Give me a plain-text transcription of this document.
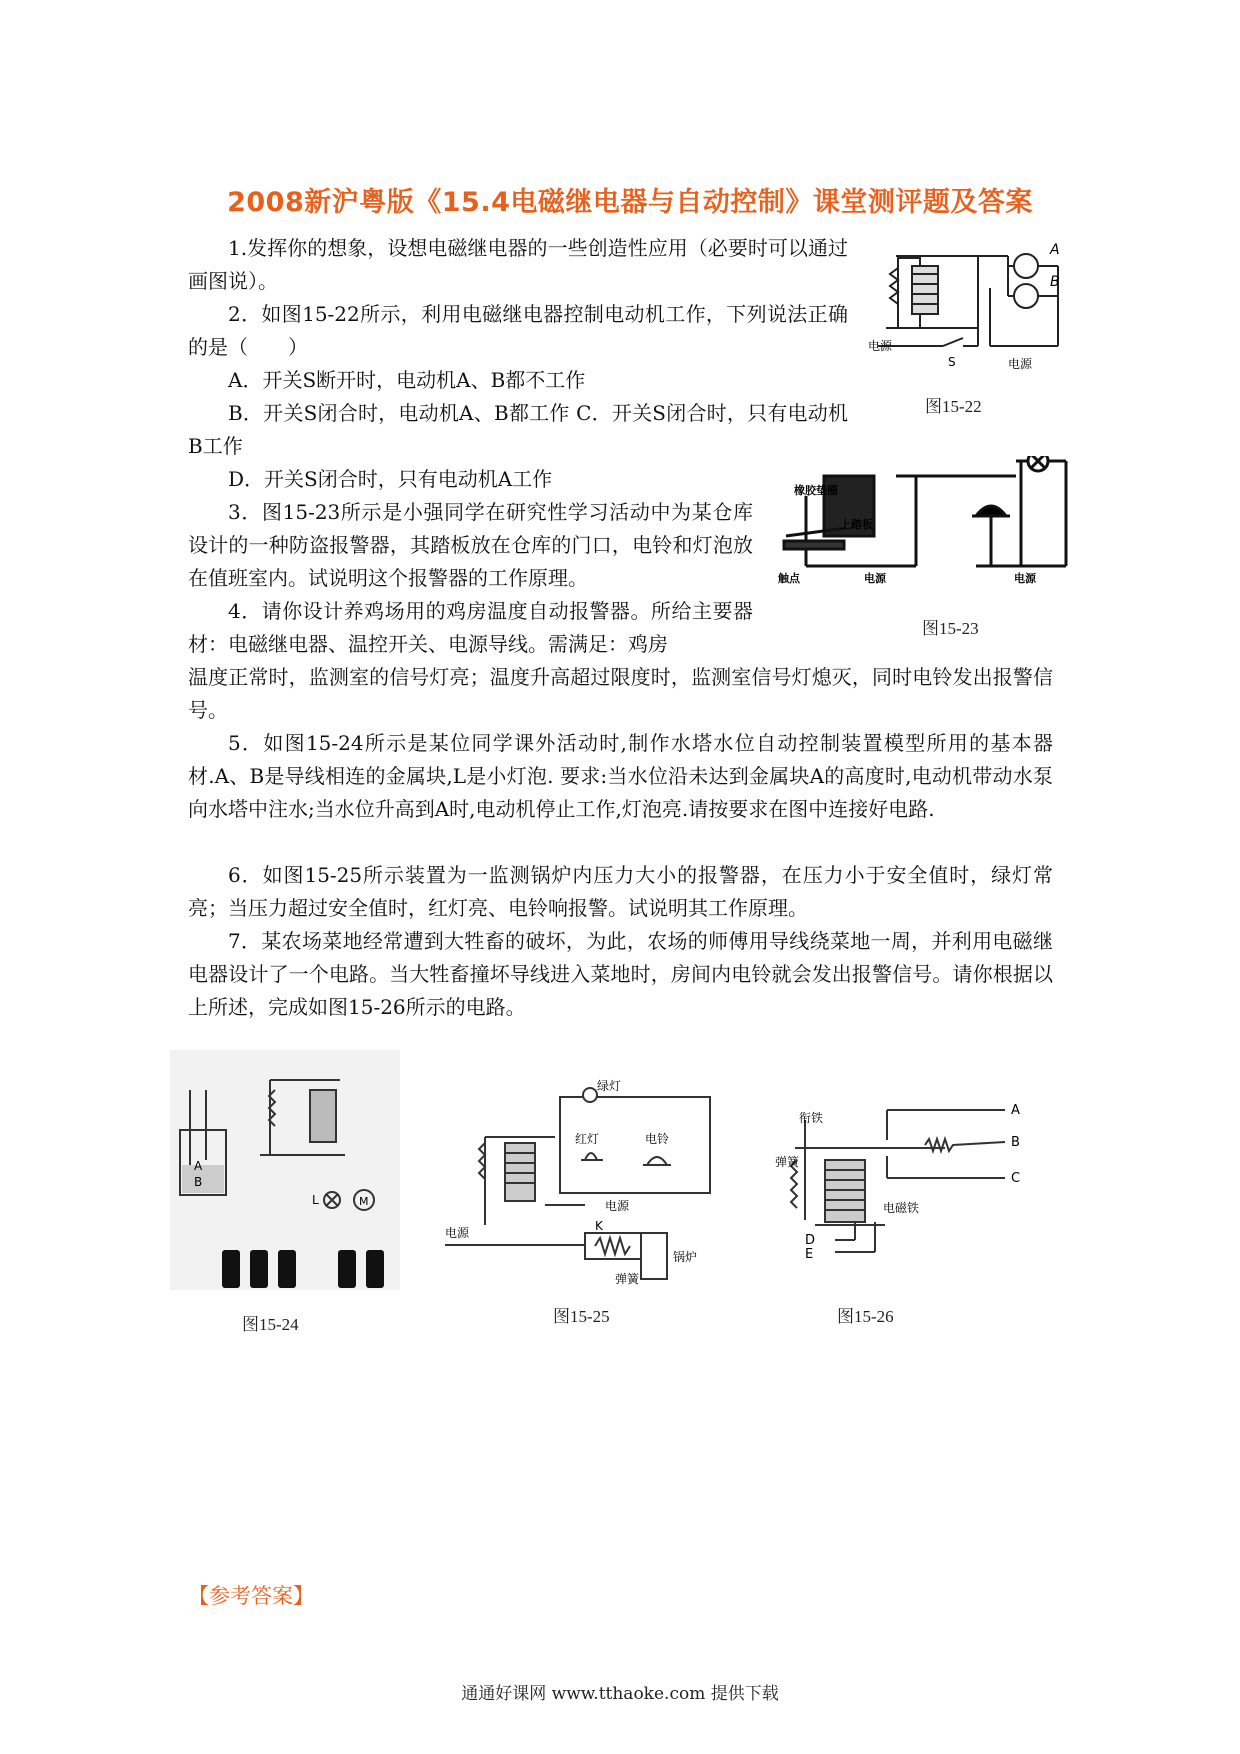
2008新沪粤版《15.4电磁继电器与自动控制》课堂测评题及答案
1.发挥你的想象，设想电磁继电器的一些创造性应用（必要时可以通过画图说）。
2．如图15-22所示，利用电磁继电器控制电动机工作，下列说法正确的是（　　）
A．开关S断开时，电动机A、B都不工作
B．开关S闭合时，电动机A、B都工作 C．开关S闭合时，只有电动机B工作
D．开关S闭合时，只有电动机A工作
3．图15-23所示是小强同学在研究性学习活动中为某仓库设计的一种防盗报警器，其踏板放在仓库的门口，电铃和灯泡放在值班室内。试说明这个报警器的工作原理。
4．请你设计养鸡场用的鸡房温度自动报警器。所给主要器材：电磁继电器、温控开关、电源导线。需满足：鸡房
温度正常时，监测室的信号灯亮；温度升高超过限度时，监测室信号灯熄灭，同时电铃发出报警信号。
5．如图15-24所示是某位同学课外活动时,制作水塔水位自动控制装置模型所用的基本器材.A、B是导线相连的金属块,L是小灯泡. 要求:当水位沿未达到金属块A的高度时,电动机带动水泵向水塔中注水;当水位升高到A时,电动机停止工作,灯泡亮.请按要求在图中连接好电路.
6．如图15-25所示装置为一监测锅炉内压力大小的报警器，在压力小于安全值时，绿灯常亮；当压力超过安全值时，红灯亮、电铃响报警。试说明其工作原理。
7．某农场菜地经常遭到大牲畜的破坏，为此，农场的师傅用导线绕菜地一周，并利用电磁继电器设计了一个电路。当大牲畜撞坏导线进入菜地时，房间内电铃就会发出报警信号。请你根据以上所述，完成如图15-26所示的电路。
A
B
电源
S	电源
图15-22
橡胶垫圈
上踏板
触点	电源	电源
图15-23
A
B
L	M
图15-24
绿灯
红灯	电铃
电源
电源	K
锅炉
弹簧
图15-25
衔铁
弹簧
电磁铁
A
B
C
D
E
图15-26
【参考答案】
通通好课网 www.tthaoke.com 提供下载
